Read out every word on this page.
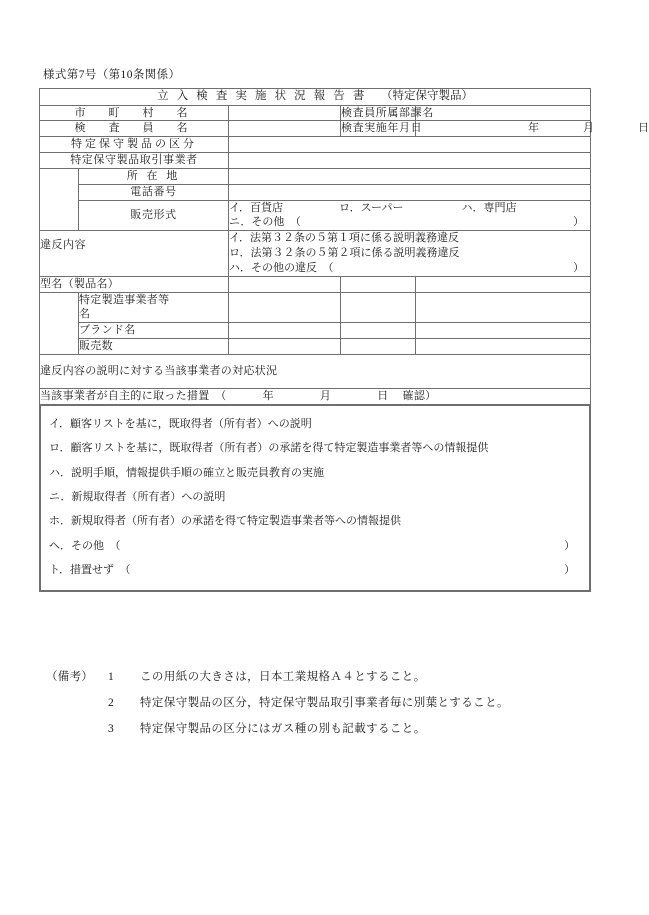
様式第7号（第10条関係）
立 入 検 査 実 施 状 況 報 告 書 （特定保守製品）				
市　町　村　名			検査員所属部課名	
検　査　員　名			検査実施年月日	年 月 日
特定保守製品の区分				
特定保守製品取引事業者				
	所 在 地			
	電話番号			
	販売形式	イ．百貨店 ロ．スーパー ハ．専門店
ニ．その他　（ ）		

違反内容		イ．法第３２条の５第１項に係る説明義務違反
ロ．法第３２条の５第２項に係る説明義務違反
ハ．その他の違反　（ ）		

型名（製品名）				
	特定製造事業者等
名			
	ブランド名			
	販売数			
違反内容の説明に対する当該事業者の対応状況				
当該事業者が自主的に取った措置　（ 年 月 日 確認）				

イ．顧客リストを基に，既取得者（所有者）への説明
ロ．顧客リストを基に，既取得者（所有者）の承諾を得て特定製造事業者等への情報提供
ハ．説明手順，情報提供手順の確立と販売員教育の実施
ニ．新規取得者（所有者）への説明
ホ．新規取得者（所有者）の承諾を得て特定製造事業者等への情報提供
ヘ．その他　（	）
ト．措置せず　（	）
（備考）	1	この用紙の大きさは，日本工業規格Ａ４とすること。
2	特定保守製品の区分，特定保守製品取引事業者毎に別葉とすること。
3	特定保守製品の区分にはガス種の別も記載すること。
